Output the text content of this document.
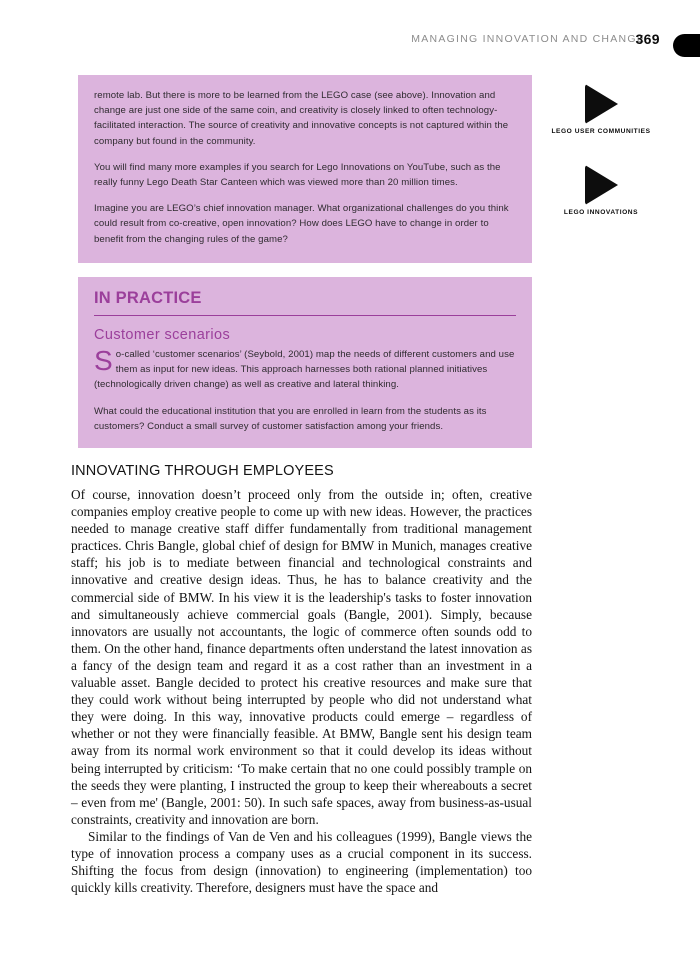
MANAGING INNOVATION AND CHANGE
369

remote lab. But there is more to be learned from the LEGO case (see above). Innovation and change are just one side of the same coin, and creativity is closely linked to often technology-facilitated interaction. The source of creativity and innovative concepts is not captured within the company but found in the community.

You will find many more examples if you search for Lego Innovations on YouTube, such as the really funny Lego Death Star Canteen which was viewed more than 20 million times.

Imagine you are LEGO’s chief innovation manager. What organizational challenges do you think could result from co-creative, open innovation? How does LEGO have to change in order to benefit from the changing rules of the game?

LEGO USER COMMUNITIES
LEGO INNOVATIONS
IN PRACTICE
Customer scenarios

So-called ‘customer scenarios’ (Seybold, 2001) map the needs of different customers and use them as input for new ideas. This approach harnesses both rational planned initiatives (technologically driven change) as well as creative and lateral thinking.

What could the educational institution that you are enrolled in learn from the students as its customers? Conduct a small survey of customer satisfaction among your friends.

INNOVATING THROUGH EMPLOYEES

Of course, innovation doesn’t proceed only from the outside in; often, creative companies employ creative people to come up with new ideas. However, the practices needed to manage creative staff differ fundamentally from traditional management practices. Chris Bangle, global chief of design for BMW in Munich, manages creative staff; his job is to mediate between financial and technological constraints and innovative and creative design ideas. Thus, he has to balance creativity and the commercial side of BMW. In his view it is the leadership's tasks to foster innovation and simultaneously achieve commercial goals (Bangle, 2001). Simply, because innovators are usually not accountants, the logic of commerce often sounds odd to them. On the other hand, finance departments often understand the latest innovation as a fancy of the design team and regard it as a cost rather than an investment in a valuable asset. Bangle decided to protect his creative resources and make sure that they could work without being interrupted by people who did not understand what they were doing. In this way, innovative products could emerge – regardless of whether or not they were financially feasible. At BMW, Bangle sent his design team away from its normal work environment so that it could develop its ideas without being interrupted by criticism: ‘To make certain that no one could possibly trample on the seeds they were planting, I instructed the group to keep their whereabouts a secret – even from me' (Bangle, 2001: 50). In such safe spaces, away from business-as-usual constraints, creativity and innovation are born.

Similar to the findings of Van de Ven and his colleagues (1999), Bangle views the type of innovation process a company uses as a crucial component in its success. Shifting the focus from design (innovation) to engineering (implementation) too quickly kills creativity. Therefore, designers must have the space and
